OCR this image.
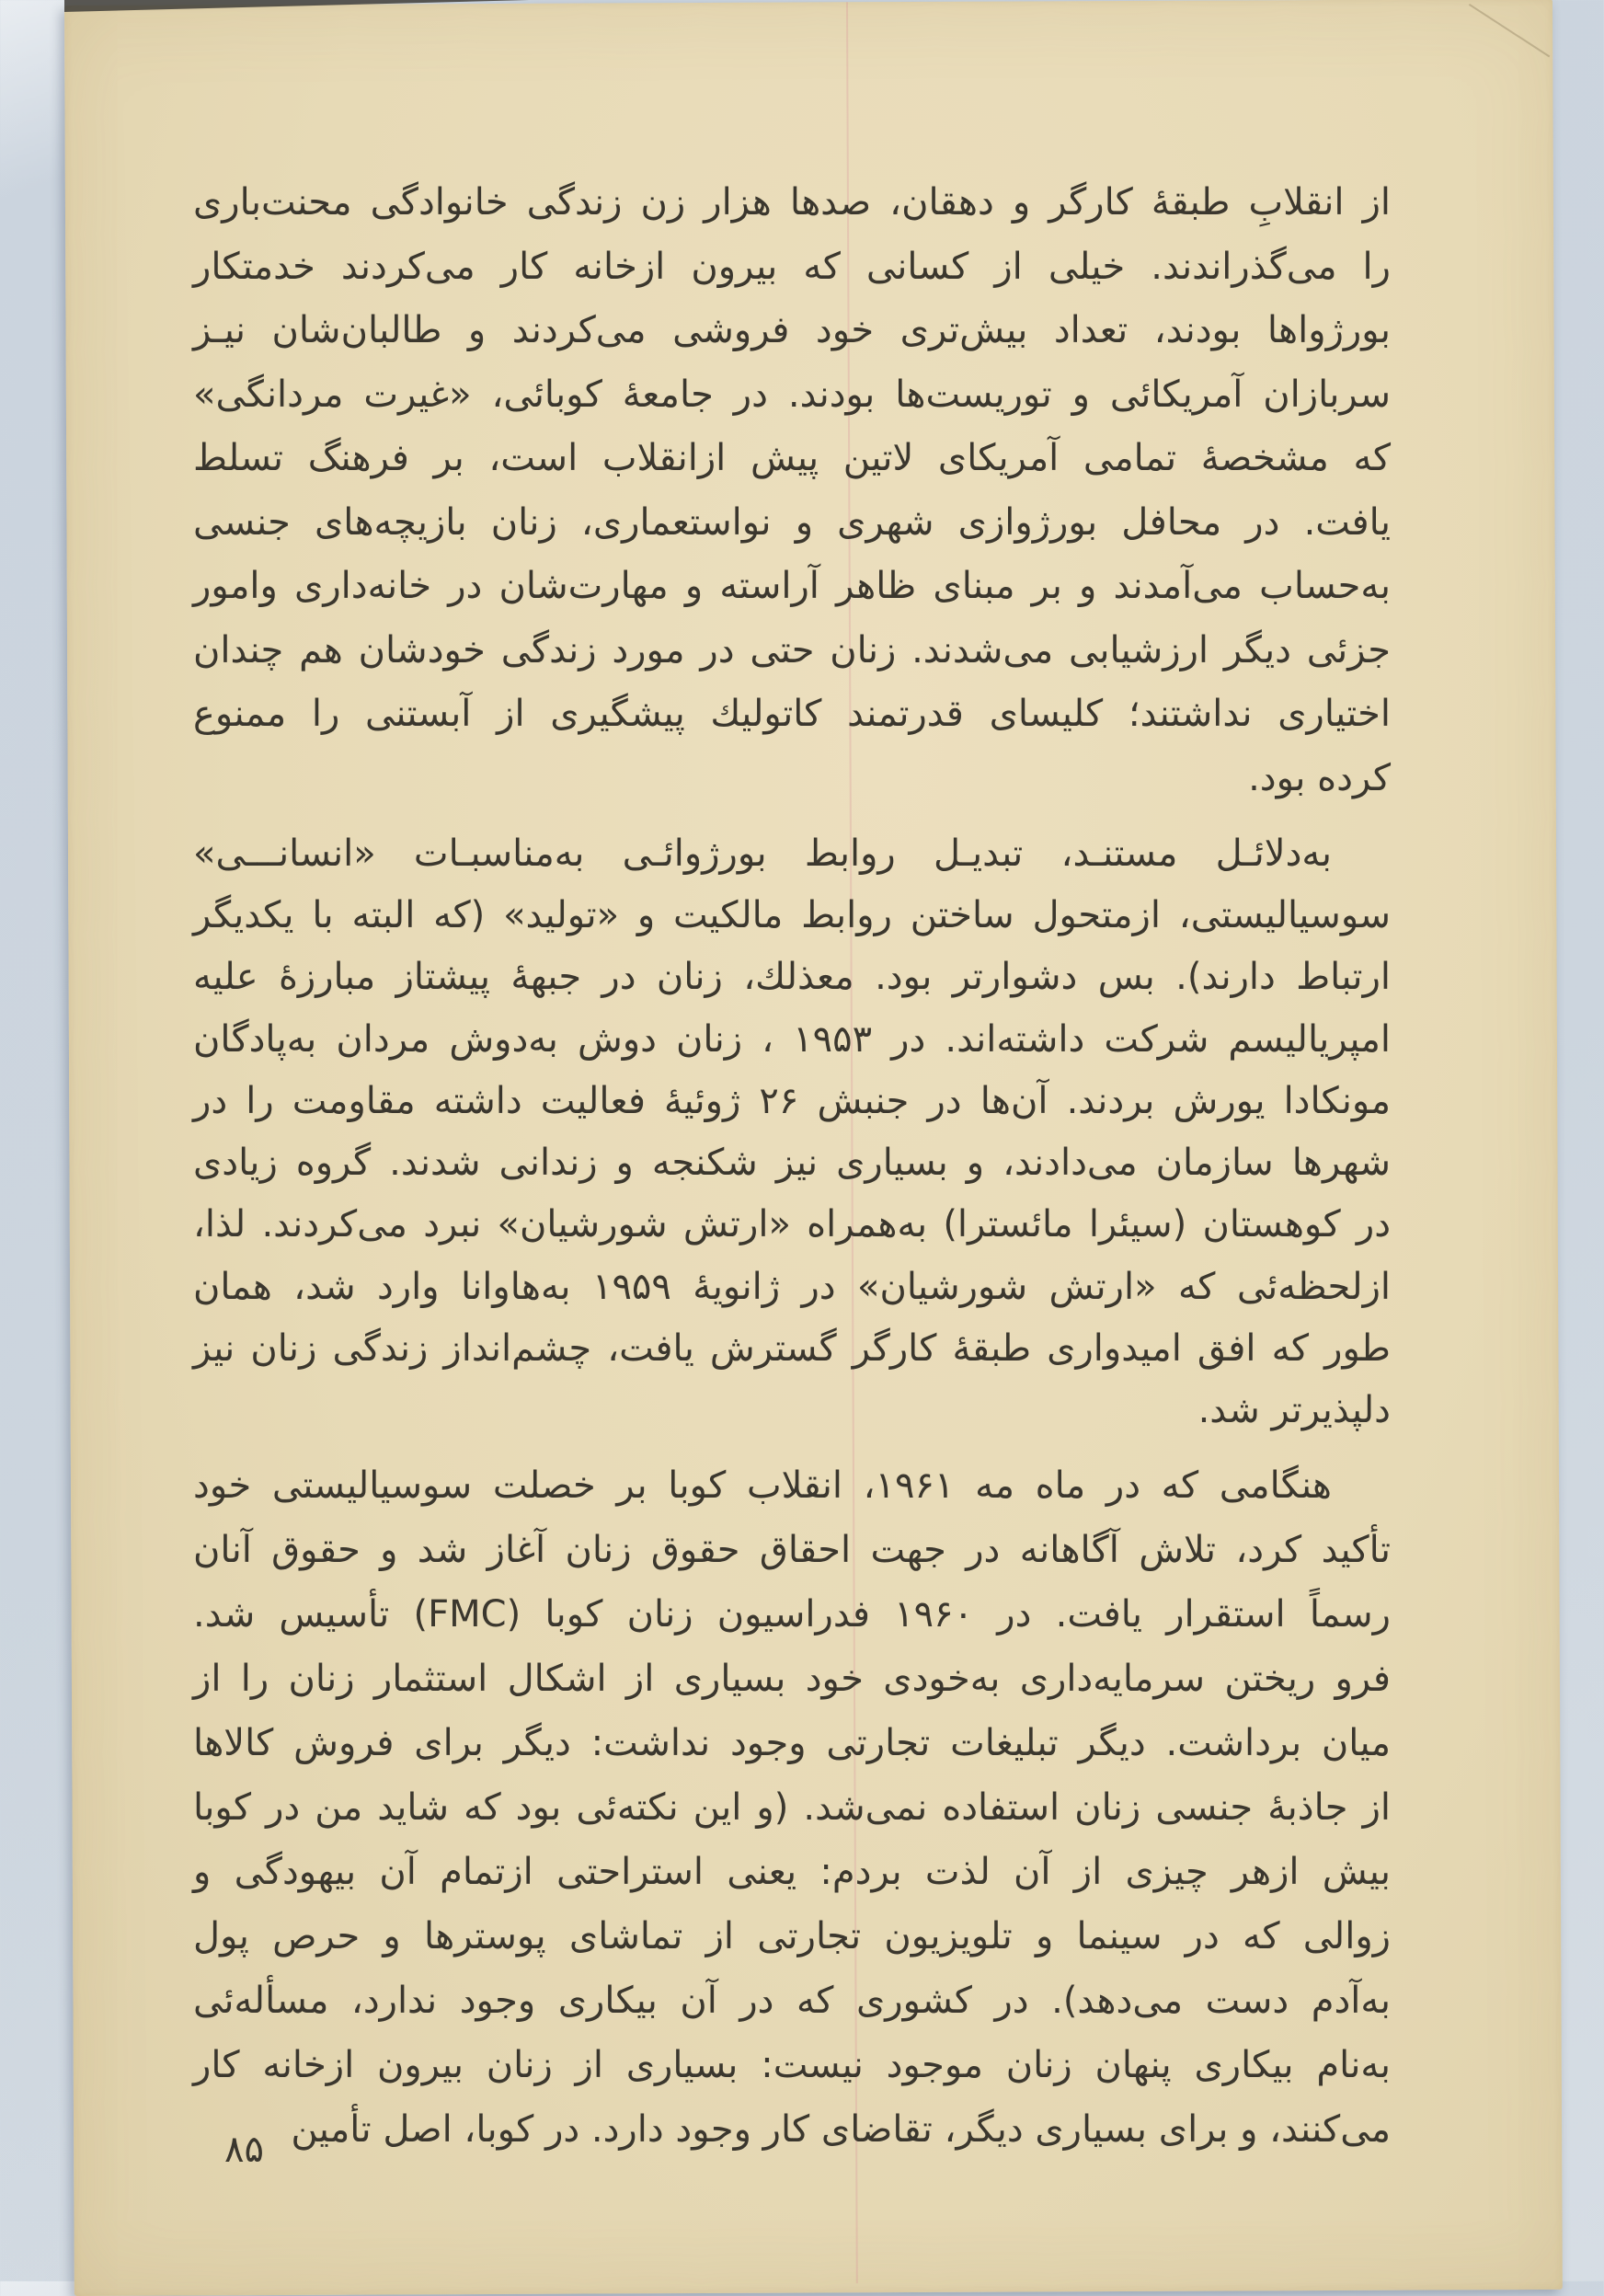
از انقلابِ طبقهٔ کارگر و دهقان، صدها هزار زن زندگی خانوادگی محنت‌باری
را می‌گذراندند. خیلی از کسانی که بیرون ازخانه کار می‌کردند خدمتکار
بورژواها بودند، تعداد بیش‌تری خود فروشی می‌کردند و طالبان‌شان نیـز
سربازان آمریکائی و توریست‌ها بودند. در جامعهٔ کوبائی، «غیرت مردانگی»
که مشخصهٔ تمامی آمریکای لاتین پیش ازانقلاب است، بر فرهنگ تسلط
یافت. در محافل بورژوازی شهری و نواستعماری، زنان بازیچه‌های جنسی
به‌حساب می‌آمدند و بر مبنای ظاهر آراسته و مهارت‌شان در خانه‌داری وامور
جزئی دیگر ارزشیابی می‌شدند. زنان حتی در مورد زندگی خودشان هم چندان
اختیاری نداشتند؛ کلیسای قدرتمند کاتولیك پیشگیری از آبستنی را ممنوع
کرده بود.
به‌دلائـل مستنـد، تبدیـل روابط بورژوائـی به‌مناسبـات «انسانـــی»
سوسیالیستی، ازمتحول ساختن روابط مالکیت و «تولید» (که البته با یکدیگر
ارتباط دارند). بس دشوارتر بود. معذلك، زنان در جبههٔ پیشتاز مبارزهٔ علیه
امپریالیسم شرکت داشته‌اند. در ۱۹۵۳ ، زنان دوش به‌دوش مردان به‌پادگان
مونکادا یورش بردند. آن‌ها در جنبش ۲۶ ژوئیهٔ فعالیت داشته مقاومت را در
شهرها سازمان می‌دادند، و بسیاری نیز شکنجه و زندانی شدند. گروه زیادی
در کوهستان (سیئرا مائسترا) به‌همراه «ارتش شورشیان» نبرد می‌کردند. لذا،
ازلحظه‌ئی که «ارتش شورشیان» در ژانویهٔ ۱۹۵۹ به‌هاوانا وارد شد، همان
طور که افق امیدواری طبقهٔ کارگر گسترش یافت، چشم‌انداز زندگی زنان نیز
دلپذیرتر شد.
هنگامی که در ماه مه ۱۹۶۱، انقلاب کوبا بر خصلت سوسیالیستی خود
تأکید کرد، تلاش آگاهانه در جهت احقاق حقوق زنان آغاز شد و حقوق آنان
رسماً استقرار یافت. در ۱۹۶۰ فدراسیون زنان کوبا (FMC) تأسیس شد.
فرو ریختن سرمایه‌داری به‌خودی خود بسیاری از اشکال استثمار زنان را از
میان برداشت. دیگر تبلیغات تجارتی وجود نداشت: دیگر برای فروش کالاها
از جاذبهٔ جنسی زنان استفاده نمی‌شد. (و این نکته‌ئی بود که شاید من در کوبا
بیش ازهر چیزی از آن لذت بردم: یعنی استراحتی ازتمام آن بیهودگی و
زوالی که در سینما و تلویزیون تجارتی از تماشای پوسترها و حرص پول
به‌آدم دست می‌دهد). در کشوری که در آن بیکاری وجود ندارد، مسأله‌ئی
به‌نام بیکاری پنهان زنان موجود نیست: بسیاری از زنان بیرون ازخانه کار
می‌کنند، و برای بسیاری دیگر، تقاضای کار وجود دارد. در کوبا، اصل تأمین
۸۵
